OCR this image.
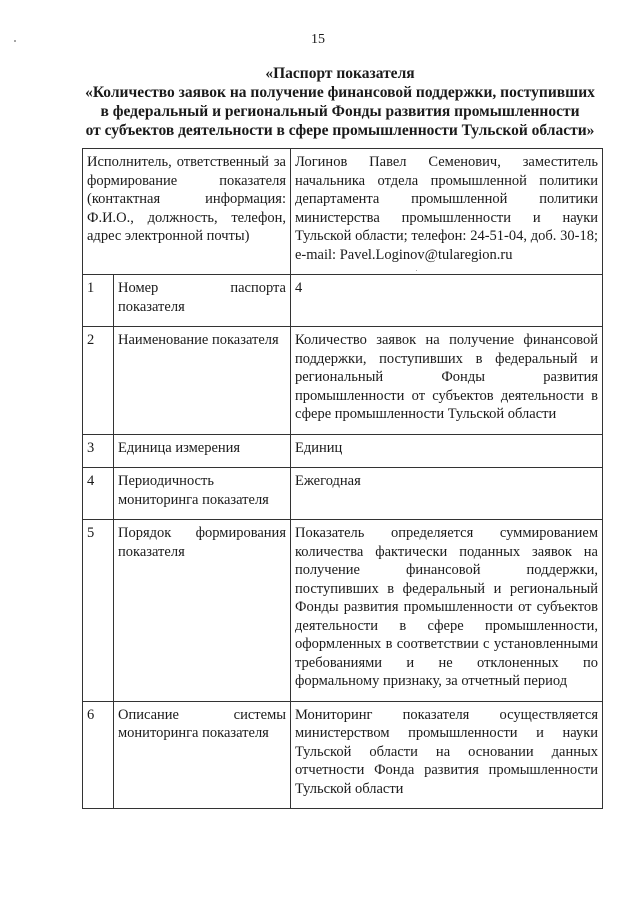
15
«Паспорт показателя
«Количество заявок на получение финансовой поддержки, поступивших
в федеральный и региональный Фонды развития промышленности
от субъектов деятельности в сфере промышленности Тульской области»
Исполнитель, ответственный за формирование показателя (контактная информация: Ф.И.О., должность, телефон, адрес электронной почты)		Логинов Павел Семенович, заместитель начальника отдела промышленной политики департамента промышленной политики министерства промышленности и науки Тульской области; телефон: 24-51-04, доб. 30-18; e-mail: Pavel.Loginov@tularegion.ru
1	Номер паспорта показателя	4
2	Наименование показателя	Количество заявок на получение финансовой поддержки, поступивших в федеральный и региональный Фонды развития промышленности от субъектов деятельности в сфере промышленности Тульской области
3	Единица измерения	Единиц
4	Периодичность мониторинга показателя	Ежегодная
5	Порядок формирования показателя	Показатель определяется суммированием количества фактически поданных заявок на получение финансовой поддержки, поступивших в федеральный и региональный Фонды развития промышленности от субъектов деятельности в сфере промышленности, оформленных в соответствии с установленными требованиями и не отклоненных по формальному признаку, за отчетный период
6	Описание системы мониторинга показателя	Мониторинг показателя осуществляется министерством промышленности и науки Тульской области на основании данных отчетности Фонда развития промышленности Тульской области
